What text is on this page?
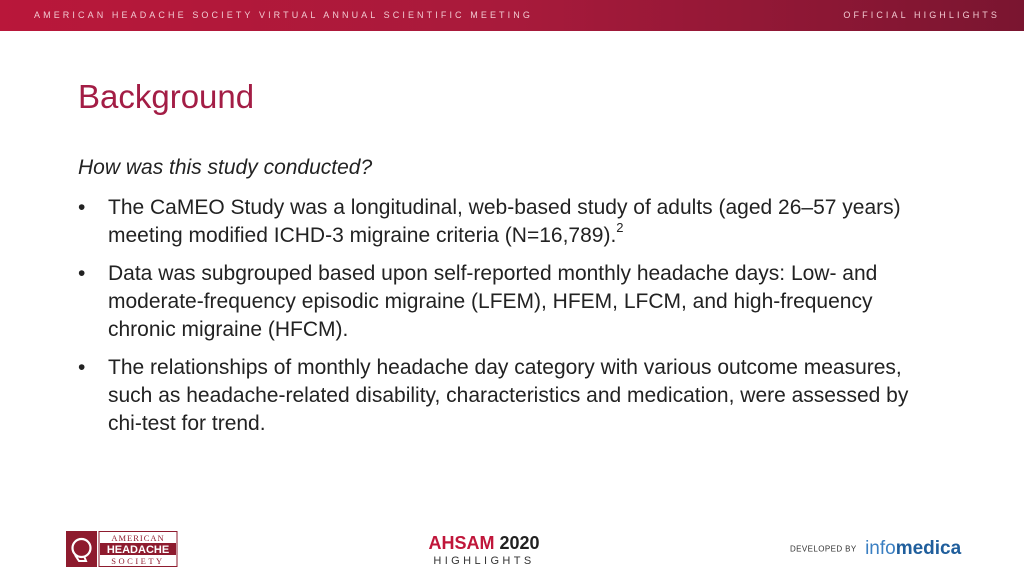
AMERICAN HEADACHE SOCIETY VIRTUAL ANNUAL SCIENTIFIC MEETING	OFFICIAL HIGHLIGHTS
Background

How was this study conducted?

• The CaMEO Study was a longitudinal, web-based study of adults (aged 26–57 years) meeting modified ICHD-3 migraine criteria (N=16,789).$^2$
• Data was subgrouped based upon self-reported monthly headache days: Low- and moderate-frequency episodic migraine (LFEM), HFEM, LFCM, and high-frequency chronic migraine (HFCM).
• The relationships of monthly headache day category with various outcome measures, such as headache-related disability, characteristics and medication, were assessed by chi-test for trend.
AMERICAN
HEADACHE
SOCIETY
AHSAM 2020
HIGHLIGHTS
DEVELOPED BY infomedica
